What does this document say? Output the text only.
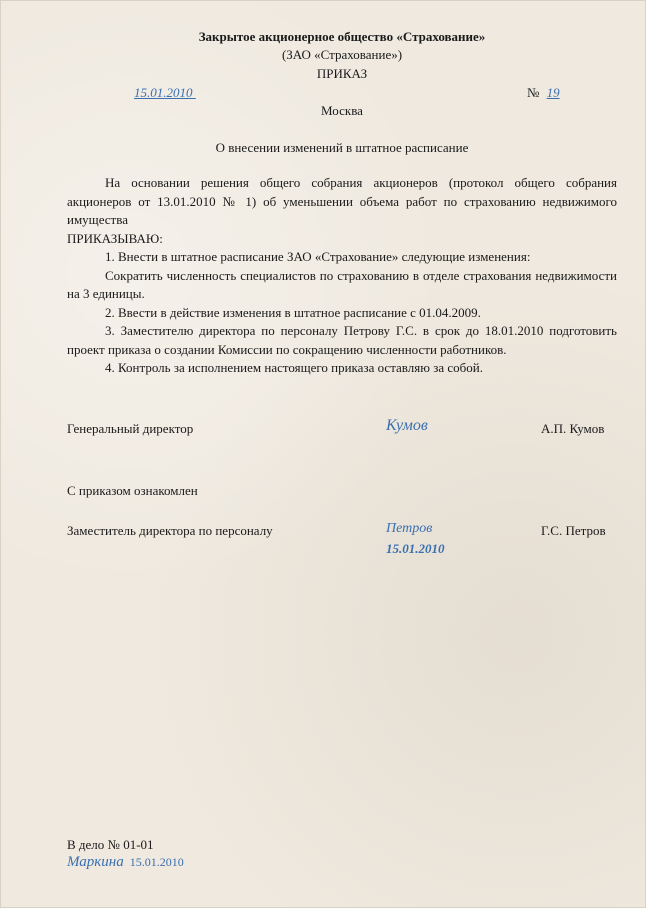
Закрытое акционерное общество «Страхование»
(ЗАО «Страхование»)
ПРИКАЗ
15.01.2010	№ 19
Москва
О внесении изменений в штатное расписание

На основании решения общего собрания акционеров (протокол общего собрания акционеров от 13.01.2010 № 1) об уменьшении объема работ по страхованию недвижимого имущества

ПРИКАЗЫВАЮ:

1. Внести в штатное расписание ЗАО «Страхование» следующие изменения:

Сократить численность специалистов по страхованию в отделе страхования недвижимости на 3 единицы.

2. Ввести в действие изменения в штатное расписание с 01.04.2009.

3. Заместителю директора по персоналу Петрову Г.С. в срок до 18.01.2010 подготовить проект приказа о создании Комиссии по сокращению численности работников.

4. Контроль за исполнением настоящего приказа оставляю за собой.

Генеральный директор	Кумов	А.П. Кумов
С приказом ознакомлен
Заместитель директора по персоналу	Петров
15.01.2010
Г.С. Петров
В дело № 01-01
Маркина 15.01.2010
